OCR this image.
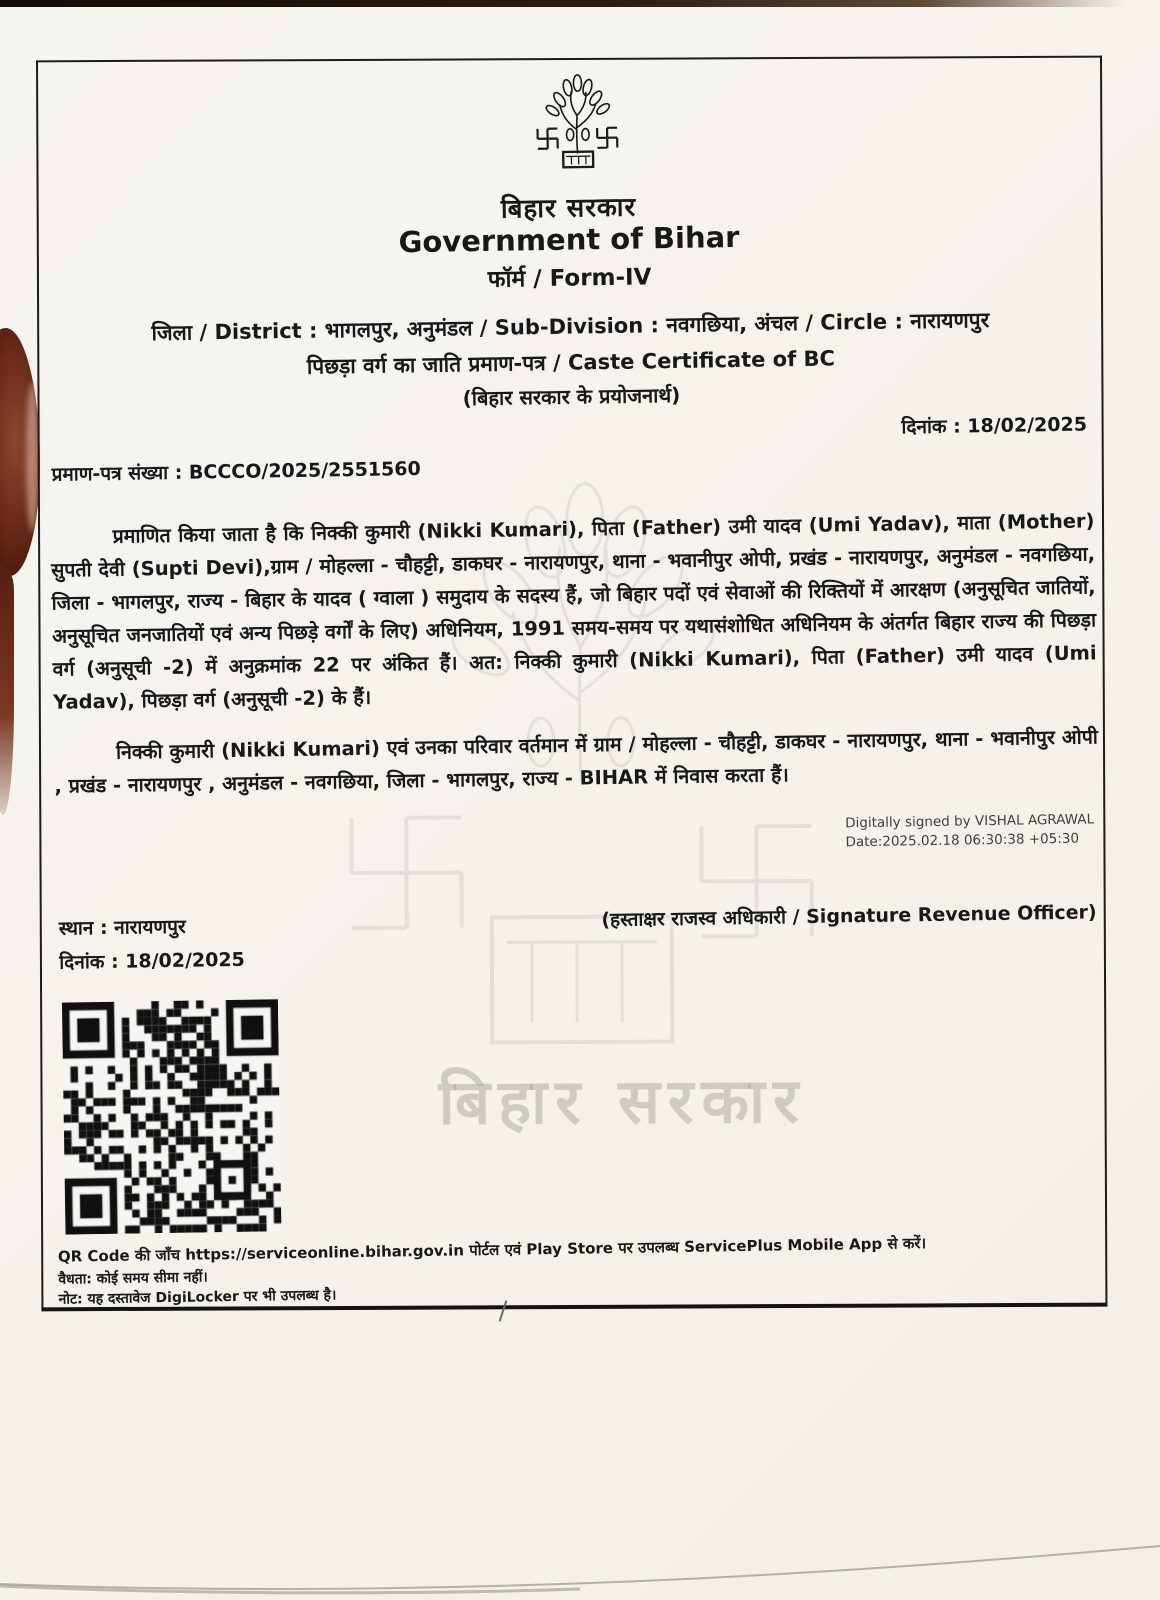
बिहार सरकार
बिहार सरकार
Government of Bihar
फॉर्म / Form-IV
जिला / District : भागलपुर, अनुमंडल / Sub-Division : नवगछिया, अंचल / Circle : नारायणपुर
पिछड़ा वर्ग का जाति प्रमाण-पत्र / Caste Certificate of BC
(बिहार सरकार के प्रयोजनार्थ)
दिनांक : 18/02/2025
प्रमाण-पत्र संख्या : BCCCO/2025/2551560
प्रमाणित किया जाता है कि निक्की कुमारी (Nikki Kumari), पिता (Father) उमी यादव (Umi Yadav), माता (Mother) सुपती देवी (Supti Devi),ग्राम / मोहल्ला - चौहट्टी, डाकघर - नारायणपुर, थाना - भवानीपुर ओपी, प्रखंड - नारायणपुर, अनुमंडल - नवगछिया, जिला - भागलपुर, राज्य - बिहार के यादव ( ग्वाला ) समुदाय के सदस्य हैं, जो बिहार पदों एवं सेवाओं की रिक्तियों में आरक्षण (अनुसूचित जातियों, अनुसूचित जनजातियों एवं अन्य पिछड़े वर्गों के लिए) अधिनियम, 1991 समय-समय पर यथासंशोधित अधिनियम के अंतर्गत बिहार राज्य की पिछड़ा वर्ग (अनुसूची -2) में अनुक्रमांक 22 पर अंकित हैं। अत: निक्की कुमारी (Nikki Kumari), पिता (Father) उमी यादव (Umi Yadav), पिछड़ा वर्ग (अनुसूची -2) के हैं।
निक्की कुमारी (Nikki Kumari) एवं उनका परिवार वर्तमान में ग्राम / मोहल्ला - चौहट्टी, डाकघर - नारायणपुर, थाना - भवानीपुर ओपी , प्रखंड - नारायणपुर , अनुमंडल - नवगछिया, जिला - भागलपुर, राज्य - BIHAR में निवास करता हैं।
Digitally signed by VISHAL AGRAWAL
Date:2025.02.18 06:30:38 +05:30
स्थान : नारायणपुर	(हस्ताक्षर राजस्व अधिकारी / Signature Revenue Officer)
दिनांक : 18/02/2025
QR Code की जाँच https://serviceonline.bihar.gov.in पोर्टल एवं Play Store पर उपलब्ध ServicePlus Mobile App से करें।
वैधता: कोई समय सीमा नहीं।
नोट: यह दस्तावेज DigiLocker पर भी उपलब्ध है।
